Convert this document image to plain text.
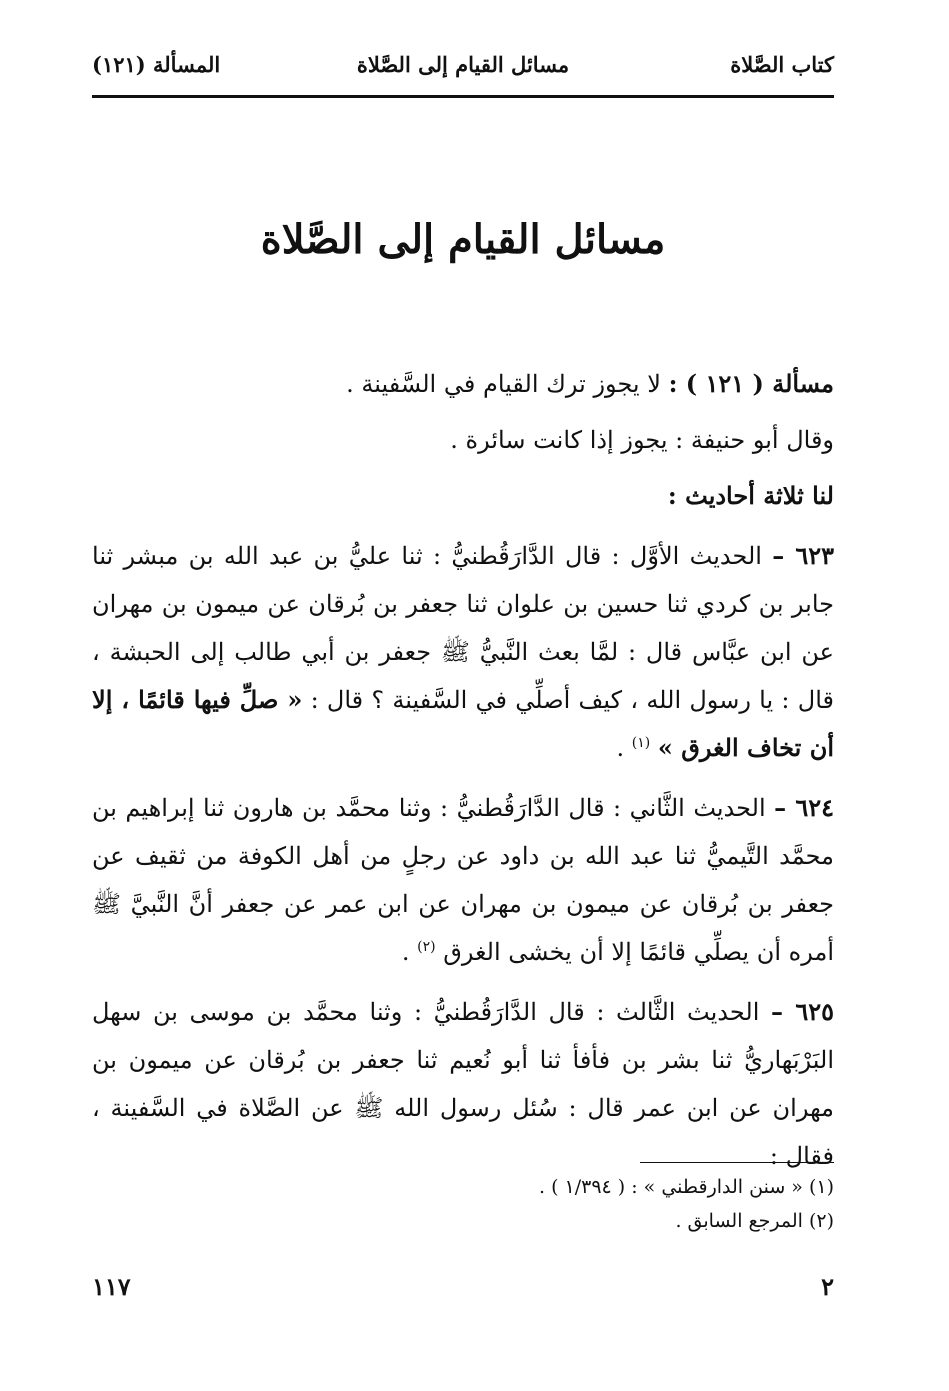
كتاب الصَّلاة
مسائل القيام إلى الصَّلاة
المسألة (١٢١)
مسائل القيام إلى الصَّلاة

مسألة ( ١٢١ ) : لا يجوز ترك القيام في السَّفينة .

وقال أبو حنيفة : يجوز إذا كانت سائرة .

لنا ثلاثة أحاديث :

٦٢٣ – الحديث الأوَّل : قال الدَّارَقُطنيُّ : ثنا عليُّ بن عبد الله بن مبشر ثنا جابر بن كردي ثنا حسين بن علوان ثنا جعفر بن بُرقان عن ميمون بن مهران عن ابن عبَّاس قال : لمَّا بعث النَّبيُّ ﷺ جعفر بن أبي طالب إلى الحبشة ، قال : يا رسول الله ، كيف أصلِّي في السَّفينة ؟ قال : « صلِّ فيها قائمًا ، إلا أن تخاف الغرق » $^{(١)}$ .

٦٢٤ – الحديث الثَّاني : قال الدَّارَقُطنيُّ : وثنا محمَّد بن هارون ثنا إبراهيم بن محمَّد التَّيميُّ ثنا عبد الله بن داود عن رجلٍ من أهل الكوفة من ثقيف عن جعفر بن بُرقان عن ميمون بن مهران عن ابن عمر عن جعفر أنَّ النَّبيَّ ﷺ أمره أن يصلِّي قائمًا إلا أن يخشى الغرق $^{(٢)}$ .

٦٢٥ – الحديث الثَّالث : قال الدَّارَقُطنيُّ : وثنا محمَّد بن موسى بن سهل البَرْبَهاريُّ ثنا بشر بن فأفأ ثنا أبو نُعيم ثنا جعفر بن بُرقان عن ميمون بن مهران عن ابن عمر قال : سُئل رسول الله ﷺ عن الصَّلاة في السَّفينة ، فقال :

(١) « سنن الدارقطني » : ( ١/٣٩٤ ) .

(٢) المرجع السابق .

٢
١١٧
